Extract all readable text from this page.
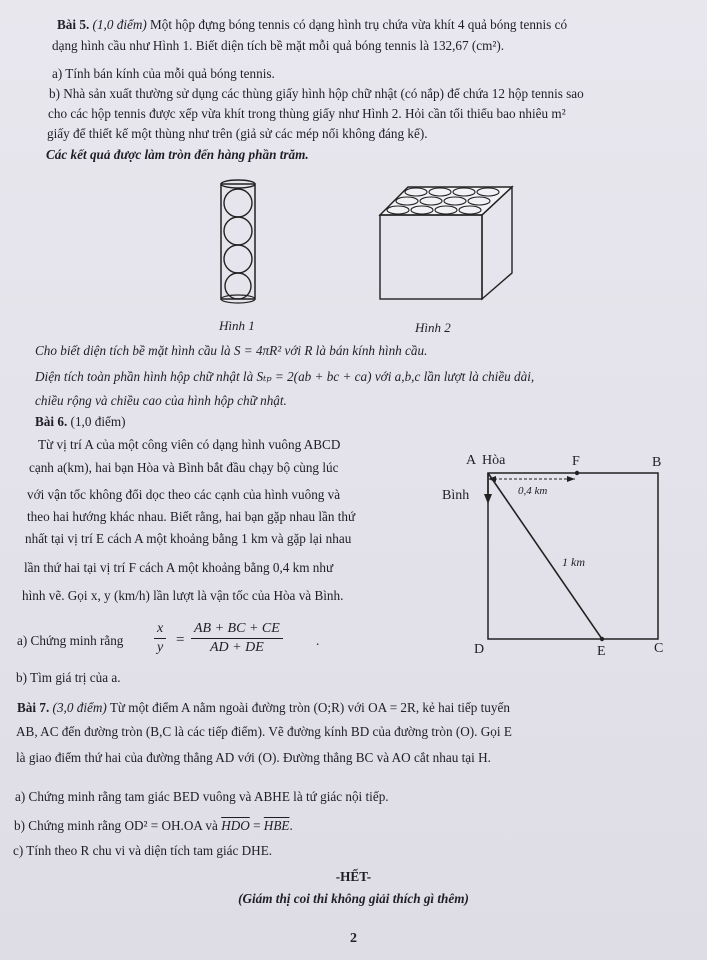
Bài 5. (1,0 điểm) Một hộp đựng bóng tennis có dạng hình trụ chứa vừa khít 4 quả bóng tennis có
dạng hình cầu như Hình 1. Biết diện tích bề mặt mỗi quả bóng tennis là 132,67 (cm²).
a) Tính bán kính của mỗi quả bóng tennis.
b) Nhà sản xuất thường sử dụng các thùng giấy hình hộp chữ nhật (có nắp) để chứa 12 hộp tennis sao
cho các hộp tennis được xếp vừa khít trong thùng giấy như Hình 2. Hỏi cần tối thiểu bao nhiêu m²
giấy để thiết kế một thùng như trên (giả sử các mép nối không đáng kể).
Các kết quả được làm tròn đến hàng phần trăm.
Hình 1	Hình 2
Cho biết diện tích bề mặt hình cầu là S = 4πR² với R là bán kính hình cầu.
Diện tích toàn phần hình hộp chữ nhật là Sₜₚ = 2(ab + bc + ca) với a,b,c lần lượt là chiều dài,
chiều rộng và chiều cao của hình hộp chữ nhật.
Bài 6. (1,0 điểm)
Từ vị trí A của một công viên có dạng hình vuông ABCD
cạnh a(km), hai bạn Hòa và Bình bắt đầu chạy bộ cùng lúc
với vận tốc không đổi dọc theo các cạnh của hình vuông và
theo hai hướng khác nhau. Biết rằng, hai bạn gặp nhau lần thứ
nhất tại vị trí E cách A một khoảng bằng 1 km và gặp lại nhau
lần thứ hai tại vị trí F cách A một khoảng bằng 0,4 km như
hình vẽ. Gọi x, y (km/h) lần lượt là vận tốc của Hòa và Bình.
a) Chứng minh rằng $\frac{x}{y} = \frac{AB + BC + CE}{AD + DE}$	.
b) Tìm giá trị của a.
A Hòa	F	B
Bình	0,4 km
1 km
D	E	C
Bài 7. (3,0 điểm) Từ một điểm A nằm ngoài đường tròn (O;R) với OA = 2R, kẻ hai tiếp tuyến
AB, AC đến đường tròn (B,C là các tiếp điểm). Vẽ đường kính BD của đường tròn (O). Gọi E
là giao điểm thứ hai của đường thẳng AD với (O). Đường thẳng BC và AO cắt nhau tại H.
a) Chứng minh rằng tam giác BED vuông và ABHE là tứ giác nội tiếp.
b) Chứng minh rằng OD² = OH.OA và $\overline{HDO} = \overline{HBE}$.
c) Tính theo R chu vi và diện tích tam giác DHE.
-HẾT-
(Giám thị coi thi không giải thích gì thêm)
2
